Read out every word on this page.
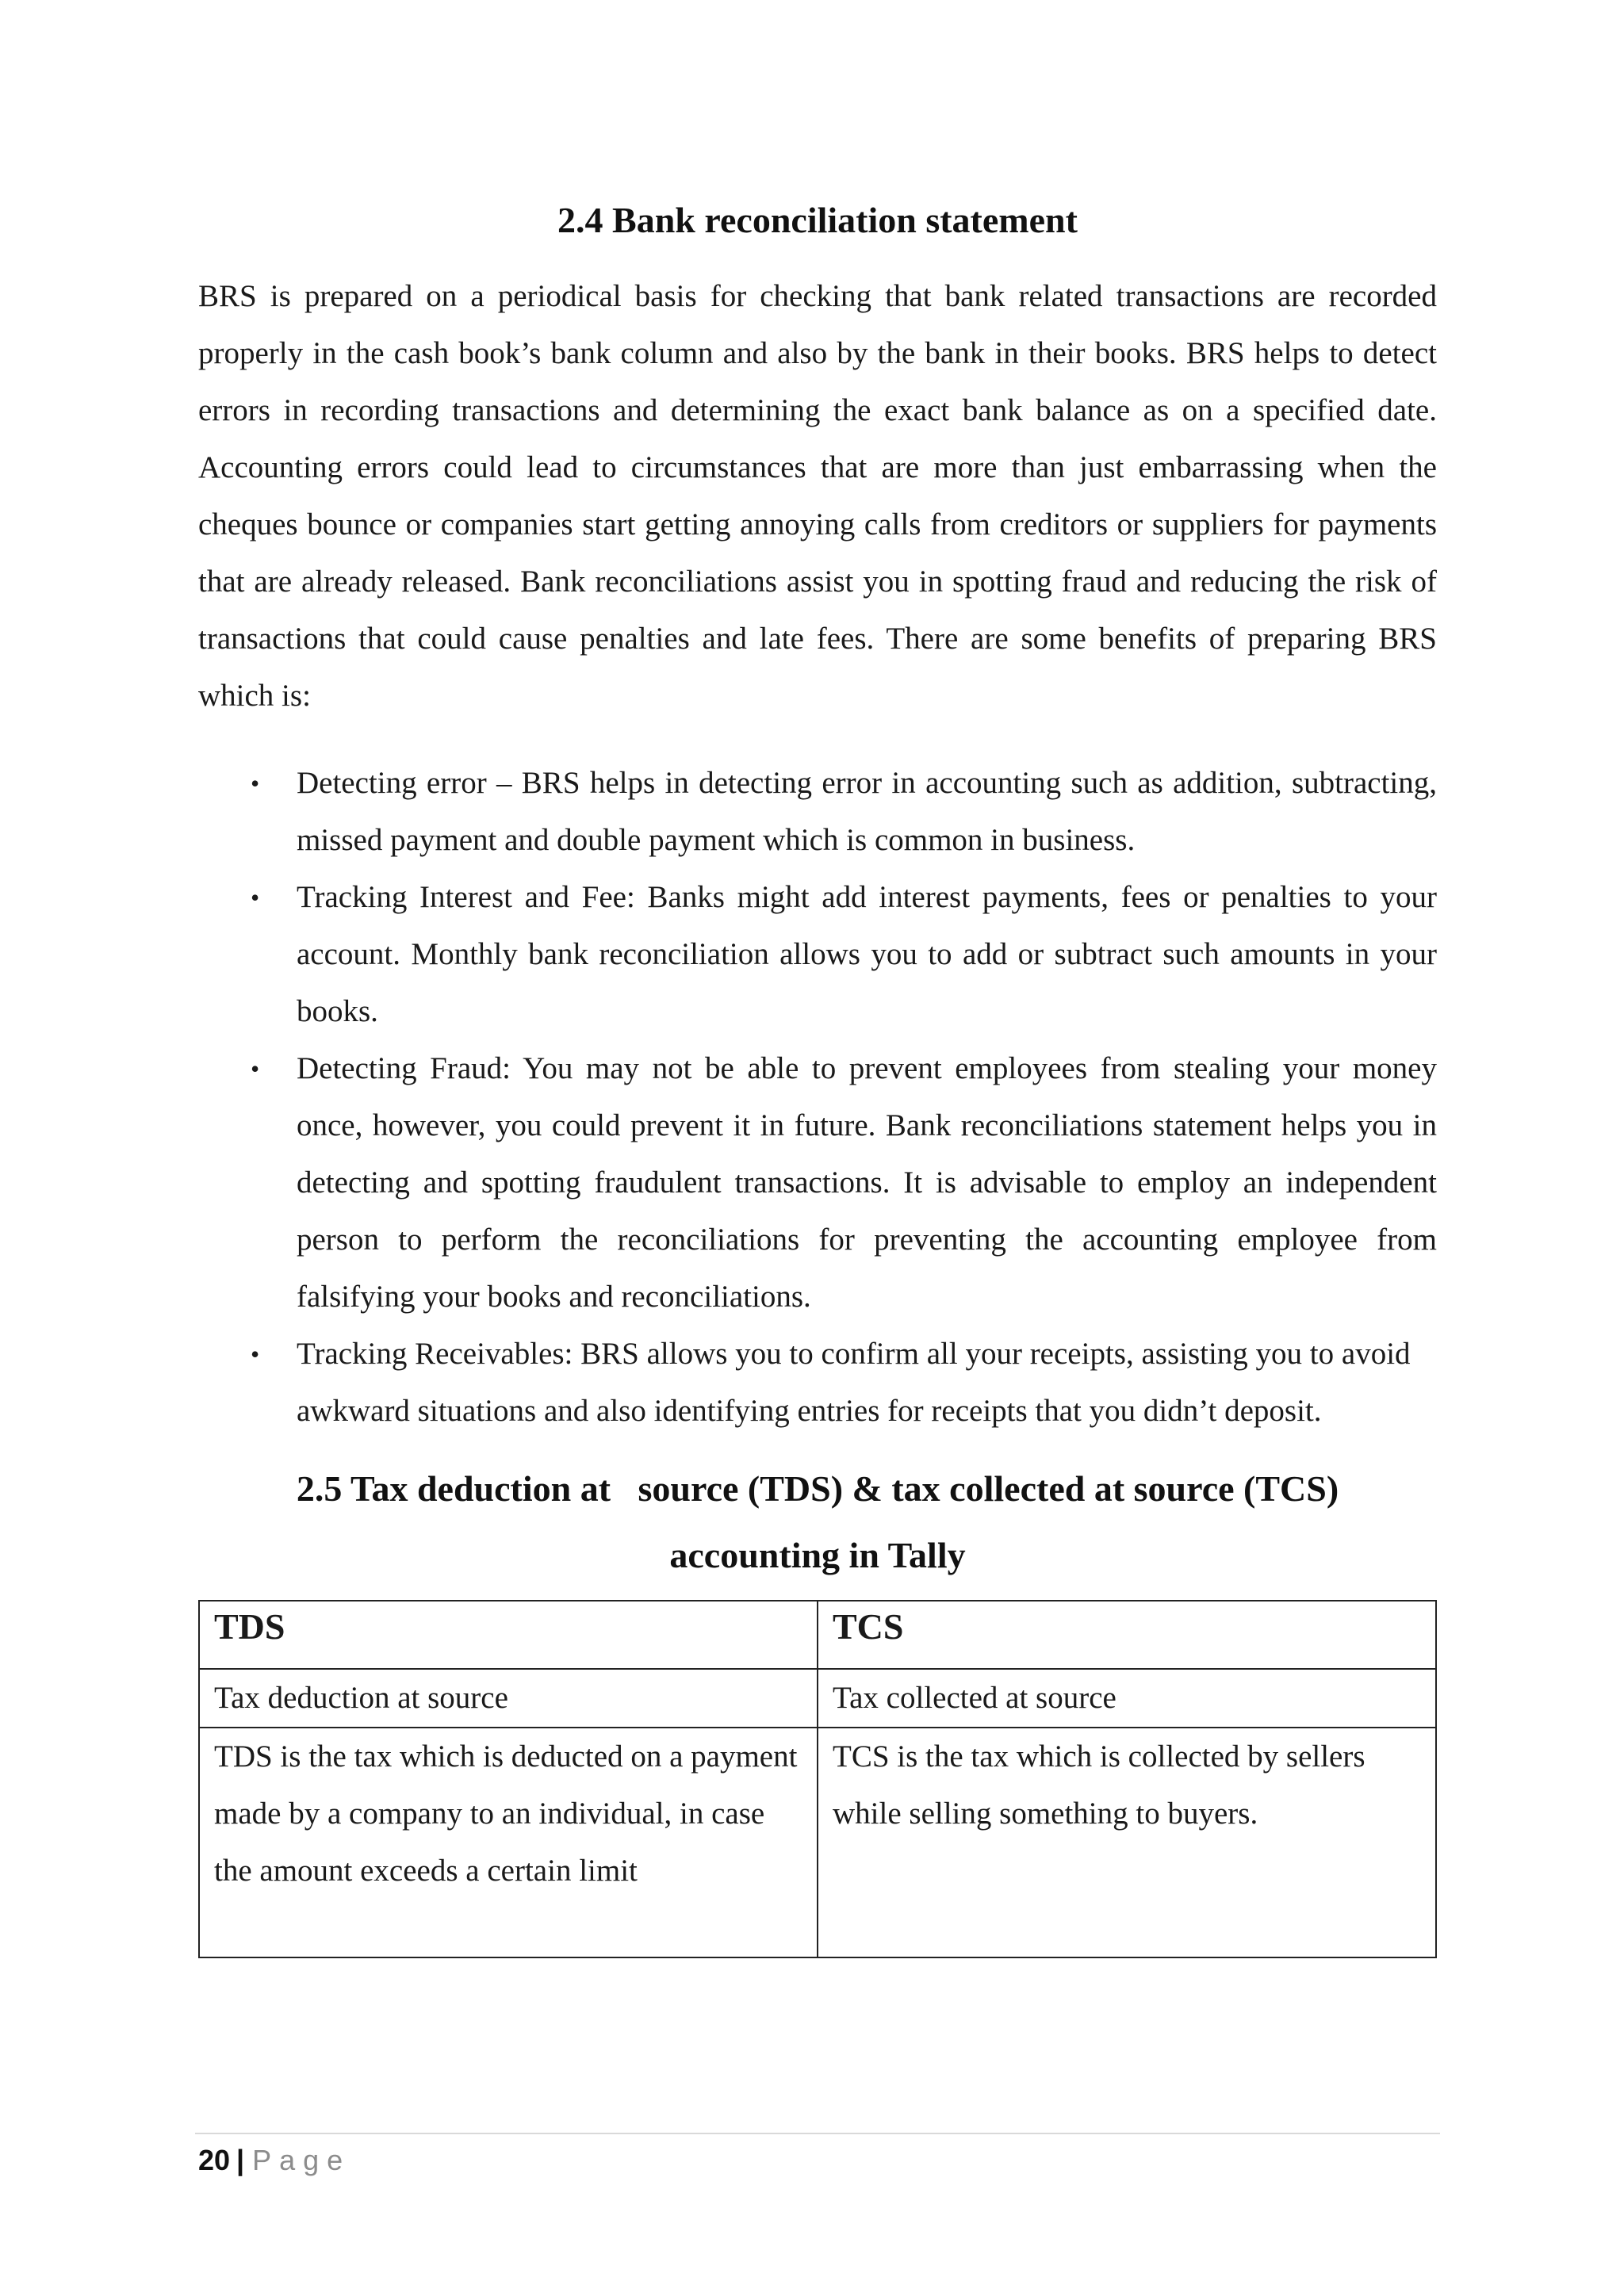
2.4 Bank reconciliation statement

BRS is prepared on a periodical basis for checking that bank related transactions are recorded properly in the cash book’s bank column and also by the bank in their books. BRS helps to detect errors in recording transactions and determining the exact bank balance as on a specified date. Accounting errors could lead to circumstances that are more than just embarrassing when the cheques bounce or companies start getting annoying calls from creditors or suppliers for payments that are already released. Bank reconciliations assist you in spotting fraud and reducing the risk of transactions that could cause penalties and late fees. There are some benefits of preparing BRS which is:

• Detecting error – BRS helps in detecting error in accounting such as addition, subtracting, missed payment and double payment which is common in business.
• Tracking Interest and Fee: Banks might add interest payments, fees or penalties to your account. Monthly bank reconciliation allows you to add or subtract such amounts in your books.
• Detecting Fraud: You may not be able to prevent employees from stealing your money once, however, you could prevent it in future. Bank reconciliations statement helps you in detecting and spotting fraudulent transactions. It is advisable to employ an independent person to perform the reconciliations for preventing the accounting employee from falsifying your books and reconciliations.
• Tracking Receivables: BRS allows you to confirm all your receipts, assisting you to avoid awkward situations and also identifying entries for receipts that you didn’t deposit.
2.5 Tax deduction at   source (TDS) & tax collected at source (TCS)
accounting in Tally
TDS	TCS
Tax deduction at source	Tax collected at source
TDS is the tax which is deducted on a payment made by a company to an individual, in case the amount exceeds a certain limit	TCS is the tax which is collected by sellers while selling something to buyers.
20 | Page
